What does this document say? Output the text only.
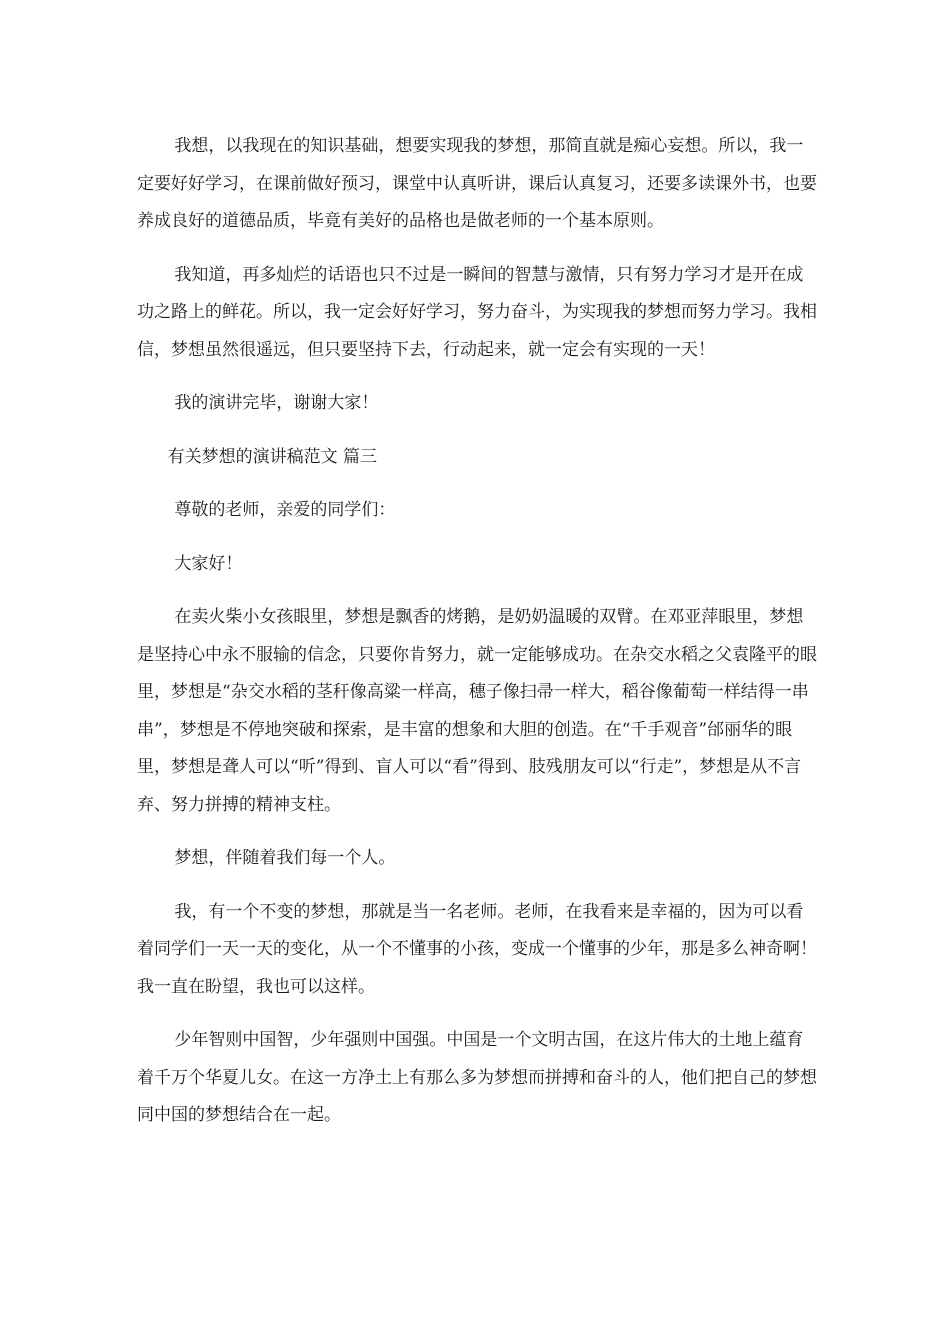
我想，以我现在的知识基础，想要实现我的梦想，那简直就是痴心妄想。所以，我一定要好好学习，在课前做好预习，课堂中认真听讲，课后认真复习，还要多读课外书，也要养成良好的道德品质，毕竟有美好的品格也是做老师的一个基本原则。

我知道，再多灿烂的话语也只不过是一瞬间的智慧与激情，只有努力学习才是开在成功之路上的鲜花。所以，我一定会好好学习，努力奋斗，为实现我的梦想而努力学习。我相信，梦想虽然很遥远，但只要坚持下去，行动起来，就一定会有实现的一天！

我的演讲完毕，谢谢大家！

有关梦想的演讲稿范文 篇三

尊敬的老师，亲爱的同学们：

大家好！

在卖火柴小女孩眼里，梦想是飘香的烤鹅，是奶奶温暖的双臂。在邓亚萍眼里，梦想是坚持心中永不服输的信念，只要你肯努力，就一定能够成功。在杂交水稻之父袁隆平的眼里，梦想是“杂交水稻的茎秆像高粱一样高，穗子像扫帚一样大，稻谷像葡萄一样结得一串串”，梦想是不停地突破和探索，是丰富的想象和大胆的创造。在“千手观音”邰丽华的眼里，梦想是聋人可以“听”得到、盲人可以“看”得到、肢残朋友可以“行走”，梦想是从不言弃、努力拼搏的精神支柱。

梦想，伴随着我们每一个人。

我，有一个不变的梦想，那就是当一名老师。老师，在我看来是幸福的，因为可以看着同学们一天一天的变化，从一个不懂事的小孩，变成一个懂事的少年，那是多么神奇啊！我一直在盼望，我也可以这样。

少年智则中国智，少年强则中国强。中国是一个文明古国，在这片伟大的土地上蕴育着千万个华夏儿女。在这一方净土上有那么多为梦想而拼搏和奋斗的人，他们把自己的梦想同中国的梦想结合在一起。
